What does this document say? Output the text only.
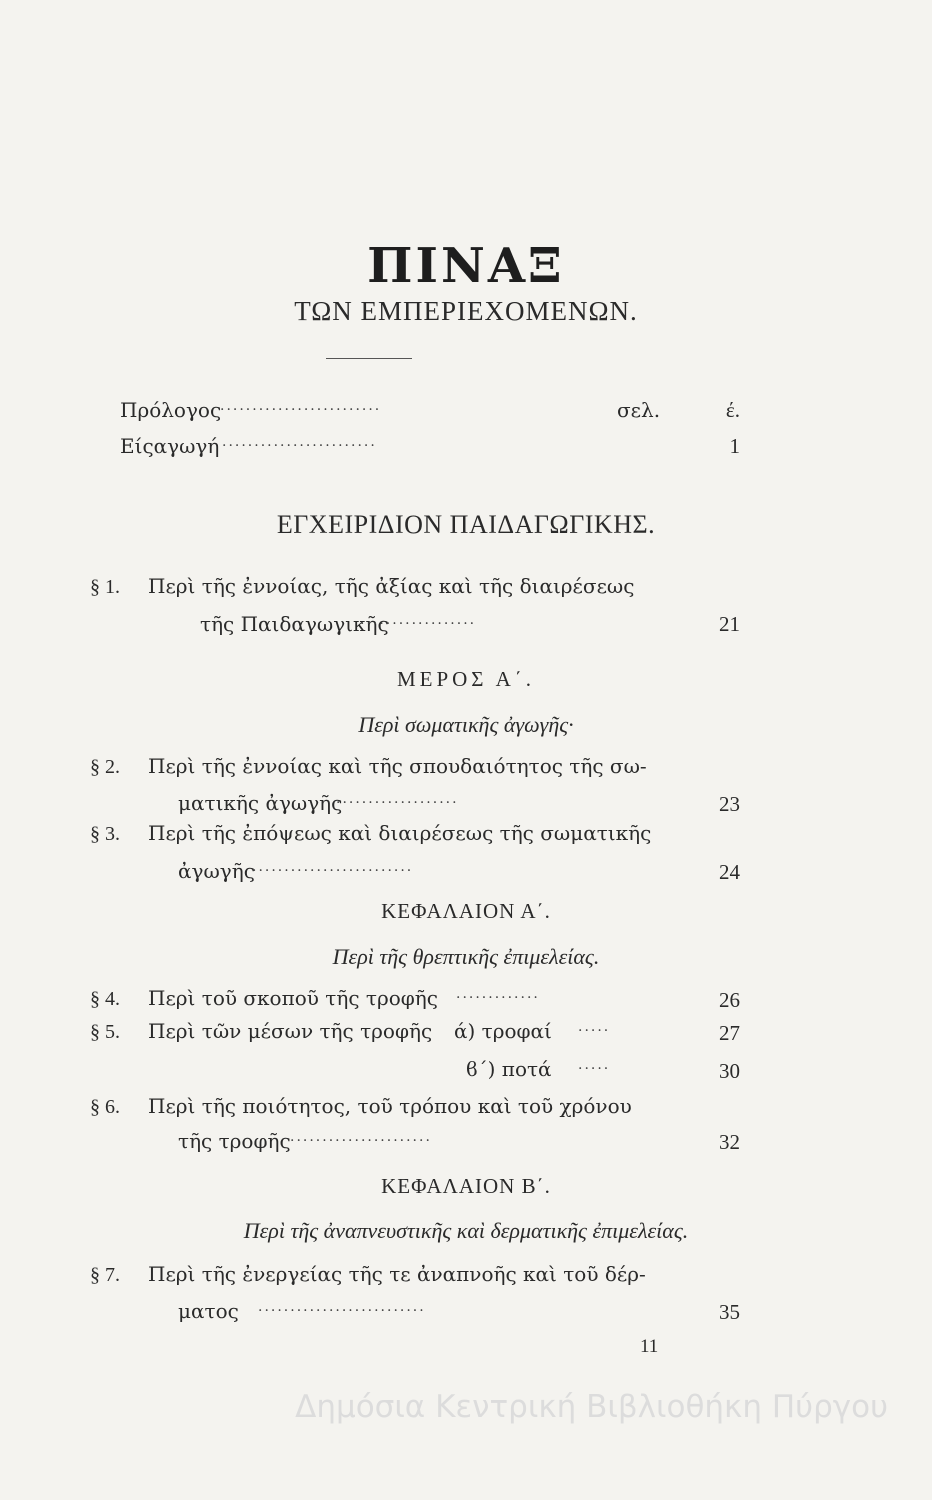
ΠΙΝΑΞ
ΤΩΝ ΕΜΠΕΡΙΕΧΟΜΕΝΩΝ.
Πρόλογος
·························	σελ.	έ.
Είςαγωγή ························	1
ΕΓΧΕΙΡΙΔΙΟΝ ΠΑΙΔΑΓΩΓΙΚΗΣ.
§ 1. Περὶ τῆς ἐννοίας, τῆς ἀξίας καὶ τῆς διαιρέσεως
τῆς Παιδαγωγικῆς
··················	21
ΜΕΡΟΣ Α΄.
Περὶ σωματικῆς ἀγωγῆς·
§ 2. Περὶ τῆς ἐννοίας καὶ τῆς σπουδαιότητος τῆς σω-
ματικῆς ἀγωγῆς
···················	23
§ 3. Περὶ τῆς ἐπόψεως καὶ διαιρέσεως τῆς σωματικῆς
ἀγωγῆς
·························	24
ΚΕΦΑΛΑΙΟΝ Α΄.
Περὶ τῆς θρεπτικῆς ἐπιμελείας.
§ 4. Περὶ τοῦ σκοποῦ τῆς τροφῆς ·············	26
§ 5. Περὶ τῶν μέσων τῆς τροφῆς ά) τροφαί ·····	27
ϐ΄) ποτά ·····	30
§ 6. Περὶ τῆς ποιότητος, τοῦ τρόπου καὶ τοῦ χρόνου
τῆς τροφῆς ······················	32
ΚΕΦΑΛΑΙΟΝ Β΄.
Περὶ τῆς ἀναπνευστικῆς καὶ δερματικῆς ἐπιμελείας.
§ 7. Περὶ τῆς ἐνεργείας τῆς τε ἀναπνοῆς καὶ τοῦ δέρ-
ματος ··························	35
11
Δημόσια Κεντρική Βιβλιοθήκη Πύργου
